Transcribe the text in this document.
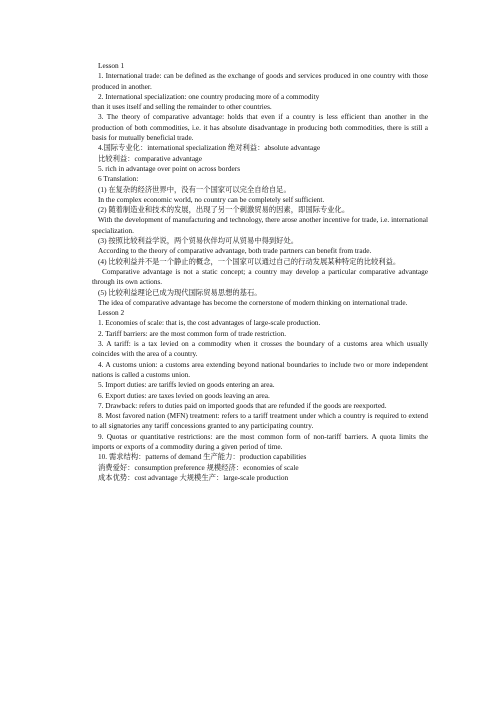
Lesson 1

1. International trade: can be defined as the exchange of goods and services produced in one country with those produced in another.

2. International specialization: one country producing more of a commodity

than it uses itself and selling the remainder to other countries.

3. The theory of comparative advantage: holds that even if a country is less efficient than another in the production of both commodities, i.e. it has absolute disadvantage in producing both commodities, there is still a basis for mutually beneficial trade.

4.国际专业化：international specialization 绝对利益：absolute advantage

比较利益：comparative advantage

5. rich in advantage over point on across borders

6 Translation:

(1) 在复杂的经济世界中，没有一个国家可以完全自给自足。

In the complex economic world, no country can be completely self sufficient.

(2) 随着制造业和技术的发展，出现了另一个刺激贸易的因素，即国际专业化。

With the development of manufacturing and technology, there arose another incentive for trade, i.e. international specialization.

(3) 按照比较利益学说，两个贸易伙伴均可从贸易中得到好处。

According to the theory of comparative advantage, both trade partners can benefit from trade.

(4) 比较利益并不是一个静止的概念，一个国家可以通过自己的行动发展某种特定的比较利益。

Comparative advantage is not a static concept; a country may develop a particular comparative advantage through its own actions.

(5) 比较利益理论已成为现代国际贸易思想的基石。

The idea of comparative advantage has become the cornerstone of modern thinking on international trade.

Lesson 2

1. Economies of scale: that is, the cost advantages of large-scale production.

2. Tariff barriers: are the most common form of trade restriction.

3. A tariff: is a tax levied on a commodity when it crosses the boundary of a customs area which usually coincides with the area of a country.

4. A customs union: a customs area extending beyond national boundaries to include two or more independent nations is called a customs union.

5. Import duties: are tariffs levied on goods entering an area.

6. Export duties: are taxes levied on goods leaving an area.

7. Drawback: refers to duties paid on imported goods that are refunded if the goods are reexported.

8. Most favored nation (MFN) treatment: refers to a tariff treatment under which a country is required to extend to all signatories any tariff concessions granted to any participating country.

9. Quotas or quantitative restrictions: are the most common form of non-tariff barriers. A quota limits the imports or exports of a commodity during a given period of time.

10. 需求结构：patterns of demand 生产能力：production capabilities

消费爱好：consumption preference 规模经济：economies of scale

成本优势：cost advantage 大规模生产：large-scale production
